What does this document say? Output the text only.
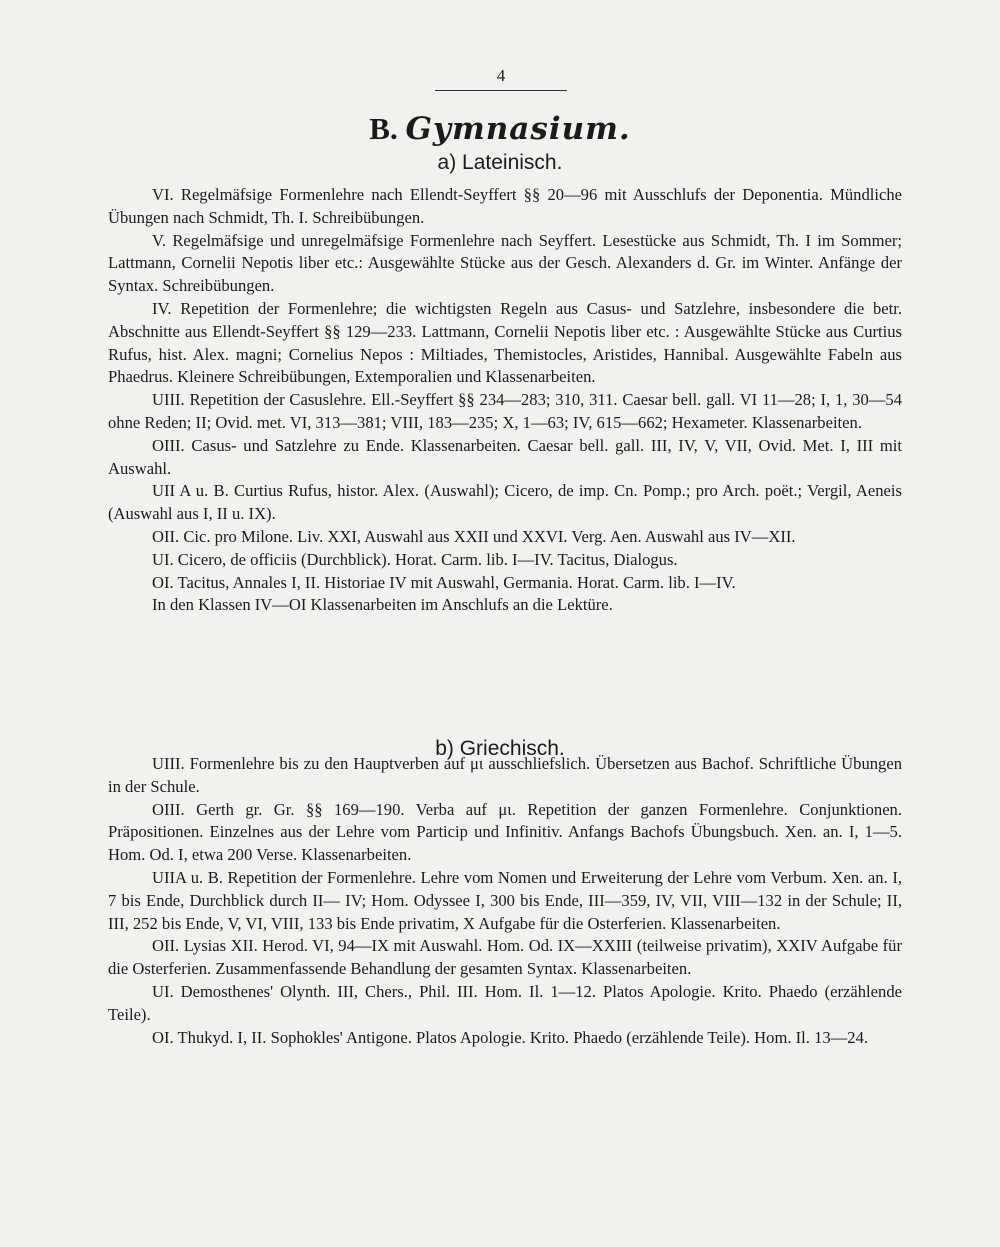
4
B. Gymnasium.
a) Lateinisch.

VI. Regelmäfsige Formenlehre nach Ellendt-Seyffert §§ 20—96 mit Ausschlufs der Deponentia. Mündliche Übungen nach Schmidt, Th. I. Schreibübungen.

V. Regelmäfsige und unregelmäfsige Formenlehre nach Seyffert. Lesestücke aus Schmidt, Th. I im Sommer; Lattmann, Cornelii Nepotis liber etc.: Ausgewählte Stücke aus der Gesch. Alexanders d. Gr. im Winter. Anfänge der Syntax. Schreibübungen.

IV. Repetition der Formenlehre; die wichtigsten Regeln aus Casus- und Satzlehre, insbesondere die betr. Abschnitte aus Ellendt-Seyffert §§ 129—233. Lattmann, Cornelii Nepotis liber etc. : Ausgewählte Stücke aus Curtius Rufus, hist. Alex. magni; Cornelius Nepos : Miltiades, Themistocles, Aristides, Hannibal. Ausgewählte Fabeln aus Phaedrus. Kleinere Schreibübungen, Extemporalien und Klassenarbeiten.

UIII. Repetition der Casuslehre. Ell.-Seyffert §§ 234—283; 310, 311. Caesar bell. gall. VI 11—28; I, 1, 30—54 ohne Reden; II; Ovid. met. VI, 313—381; VIII, 183—235; X, 1—63; IV, 615—662; Hexameter. Klassenarbeiten.

OIII. Casus- und Satzlehre zu Ende. Klassenarbeiten. Caesar bell. gall. III, IV, V, VII, Ovid. Met. I, III mit Auswahl.

UII A u. B. Curtius Rufus, histor. Alex. (Auswahl); Cicero, de imp. Cn. Pomp.; pro Arch. poët.; Vergil, Aeneis (Auswahl aus I, II u. IX).

OII. Cic. pro Milone. Liv. XXI, Auswahl aus XXII und XXVI. Verg. Aen. Auswahl aus IV—XII.

UI. Cicero, de officiis (Durchblick). Horat. Carm. lib. I—IV. Tacitus, Dialogus.

OI. Tacitus, Annales I, II. Historiae IV mit Auswahl, Germania. Horat. Carm. lib. I—IV.

In den Klassen IV—OI Klassenarbeiten im Anschlufs an die Lektüre.

b) Griechisch.

UIII. Formenlehre bis zu den Hauptverben auf μι ausschliefslich. Übersetzen aus Bachof. Schriftliche Übungen in der Schule.

OIII. Gerth gr. Gr. §§ 169—190. Verba auf μι. Repetition der ganzen Formenlehre. Conjunktionen. Präpositionen. Einzelnes aus der Lehre vom Particip und Infinitiv. Anfangs Bachofs Übungsbuch. Xen. an. I, 1—5. Hom. Od. I, etwa 200 Verse. Klassenarbeiten.

UIIA u. B. Repetition der Formenlehre. Lehre vom Nomen und Erweiterung der Lehre vom Verbum. Xen. an. I, 7 bis Ende, Durchblick durch II— IV; Hom. Odyssee I, 300 bis Ende, III—359, IV, VII, VIII—132 in der Schule; II, III, 252 bis Ende, V, VI, VIII, 133 bis Ende privatim, X Aufgabe für die Osterferien. Klassenarbeiten.

OII. Lysias XII. Herod. VI, 94—IX mit Auswahl. Hom. Od. IX—XXIII (teilweise privatim), XXIV Aufgabe für die Osterferien. Zusammenfassende Behandlung der gesamten Syntax. Klassenarbeiten.

UI. Demosthenes' Olynth. III, Chers., Phil. III. Hom. Il. 1—12. Platos Apologie. Krito. Phaedo (erzählende Teile).

OI. Thukyd. I, II. Sophokles' Antigone. Platos Apologie. Krito. Phaedo (erzählende Teile). Hom. Il. 13—24.
